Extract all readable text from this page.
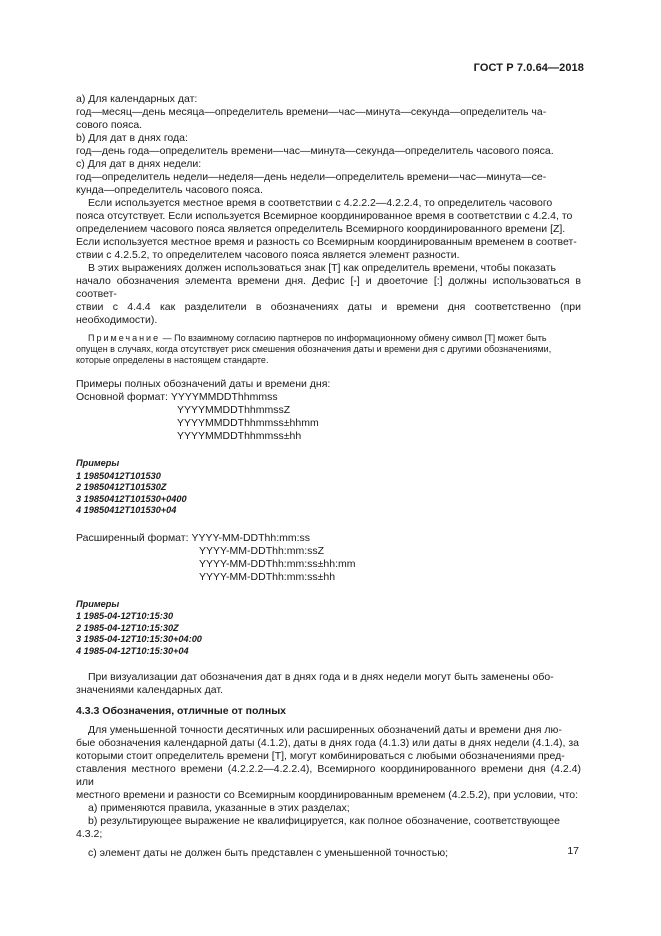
ГОСТ Р 7.0.64—2018
a) Для календарных дат:
год—месяц—день месяца—определитель времени—час—минута—секунда—определитель ча-
сового пояса.
b) Для дат в днях года:
год—день года—определитель времени—час—минута—секунда—определитель часового пояса.
c) Для дат в днях недели:
год—определитель недели—неделя—день недели—определитель времени—час—минута—се-
кунда—определитель часового пояса.
Если используется местное время в соответствии с 4.2.2.2—4.2.2.4, то определитель часового
пояса отсутствует. Если используется Всемирное координированное время в соответствии с 4.2.4, то
определением часового пояса является определитель Всемирного координированного времени [Z].
Если используется местное время и разность со Всемирным координированным временем в соответ-
ствии с 4.2.5.2, то определителем часового пояса является элемент разности.
В этих выражениях должен использоваться знак [T] как определитель времени, чтобы показать
начало обозначения элемента времени дня. Дефис [-] и двоеточие [:] должны использоваться в соответ-
ствии с 4.4.4 как разделители в обозначениях даты и времени дня соответственно (при необходимости).
Примечание — По взаимному согласию партнеров по информационному обмену символ [T] может быть
опущен в случаях, когда отсутствует риск смешения обозначения даты и времени дня с другими обозначениями,
которые определены в настоящем стандарте.
Примеры полных обозначений даты и времени дня:
Основной формат: YYYYMMDDThhmmss
YYYYMMDDThhmmssZ
YYYYMMDDThhmmss±hhmm
YYYYMMDDThhmmss±hh
Примеры
1 19850412T101530
2 19850412T101530Z
3 19850412T101530+0400
4 19850412T101530+04
Расширенный формат: YYYY-MM-DDThh:mm:ss
YYYY-MM-DDThh:mm:ssZ
YYYY-MM-DDThh:mm:ss±hh:mm
YYYY-MM-DDThh:mm:ss±hh
Примеры
1 1985-04-12T10:15:30
2 1985-04-12T10:15:30Z
3 1985-04-12T10:15:30+04:00
4 1985-04-12T10:15:30+04
При визуализации дат обозначения дат в днях года и в днях недели могут быть заменены обо-
значениями календарных дат.
4.3.3 Обозначения, отличные от полных
Для уменьшенной точности десятичных или расширенных обозначений даты и времени дня лю-
бые обозначения календарной даты (4.1.2), даты в днях года (4.1.3) или даты в днях недели (4.1.4), за
которыми стоит определитель времени [T], могут комбинироваться с любыми обозначениями пред-
ставления местного времени (4.2.2.2—4.2.2.4), Всемирного координированного времени дня (4.2.4) или
местного времени и разности со Всемирным координированным временем (4.2.5.2), при условии, что:
a) применяются правила, указанные в этих разделах;
b) результирующее выражение не квалифицируется, как полное обозначение, соответствующее
4.3.2;
c) элемент даты не должен быть представлен с уменьшенной точностью;	17
